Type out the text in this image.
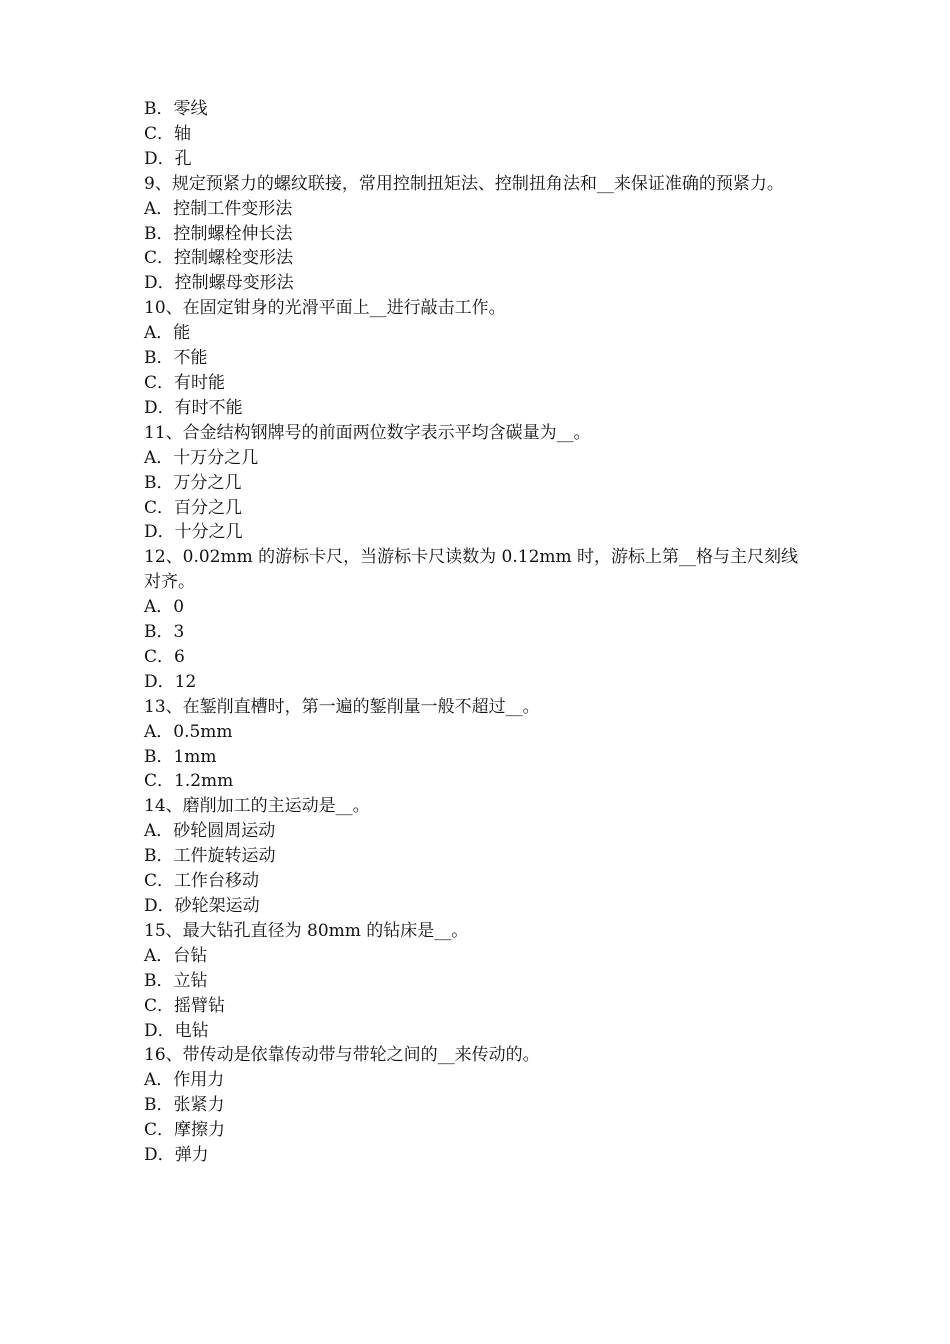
B．零线

C．轴

D．孔

9、规定预紧力的螺纹联接，常用控制扭矩法、控制扭角法和__来保证准确的预紧力。

A．控制工件变形法

B．控制螺栓伸长法

C．控制螺栓变形法

D．控制螺母变形法

10、在固定钳身的光滑平面上__进行敲击工作。

A．能

B．不能

C．有时能

D．有时不能

11、合金结构钢牌号的前面两位数字表示平均含碳量为__。

A．十万分之几

B．万分之几

C．百分之几

D．十分之几

12、0.02mm 的游标卡尺，当游标卡尺读数为 0.12mm 时，游标上第__格与主尺刻线对齐。

A．0

B．3

C．6

D．12

13、在錾削直槽时，第一遍的錾削量一般不超过__。

A．0.5mm

B．1mm

C．1.2mm

14、磨削加工的主运动是__。

A．砂轮圆周运动

B．工件旋转运动

C．工作台移动

D．砂轮架运动

15、最大钻孔直径为 80mm 的钻床是__。

A．台钻

B．立钻

C．摇臂钻

D．电钻

16、带传动是依靠传动带与带轮之间的__来传动的。

A．作用力

B．张紧力

C．摩擦力

D．弹力
